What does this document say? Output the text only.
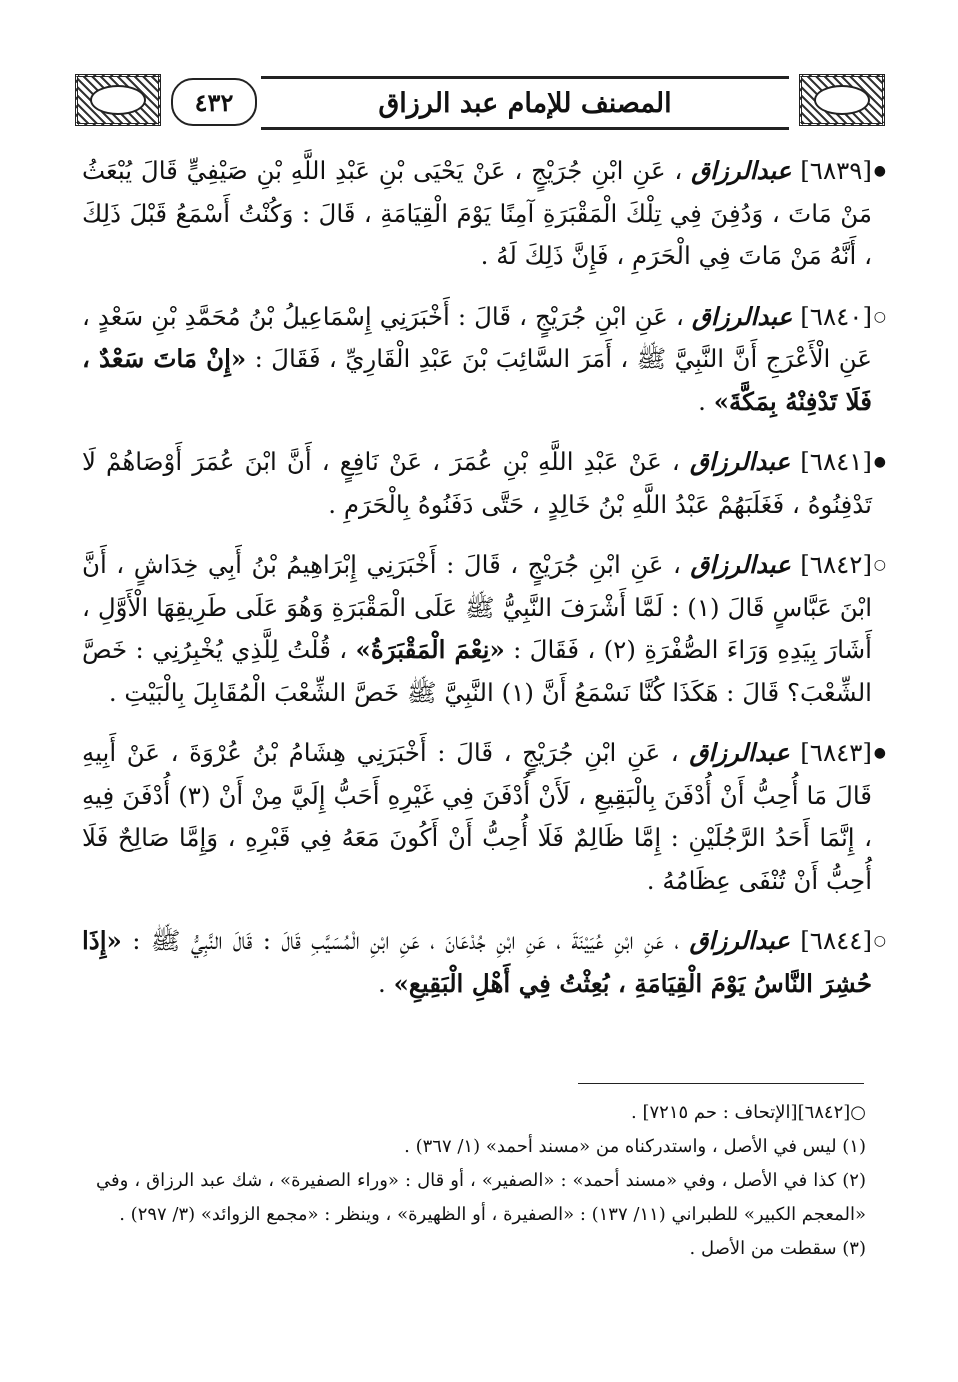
٤٣٢	المصنف للإمام عبد الرزاق

●
[٦٨٣٩] عبدالرزاق ، عَنِ ابْنِ جُرَيْجٍ ، عَنْ يَحْيَى بْنِ عَبْدِ اللَّهِ بْنِ صَيْفِيٍّ قَالَ يُبْعَثُ مَنْ مَاتَ ، وَدُفِنَ فِي تِلْكَ الْمَقْبَرَةِ آمِنًا يَوْمَ الْقِيَامَةِ ، قَالَ : وَكُنْتُ أَسْمَعُ قَبْلَ ذَلِكَ ، أَنَّهُ مَنْ مَاتَ فِي الْحَرَمِ ، فَإِنَّ ذَلِكَ لَهُ .

○
[٦٨٤٠] عبدالرزاق ، عَنِ ابْنِ جُرَيْجٍ ، قَالَ : أَخْبَرَنِي إِسْمَاعِيلُ بْنُ مُحَمَّدِ بْنِ سَعْدٍ ، عَنِ الْأَعْرَجِ أَنَّ النَّبِيَّ ﷺ ، أَمَرَ السَّائِبَ بْنَ عَبْدِ الْقَارِيِّ ، فَقَالَ : «إِنْ مَاتَ سَعْدٌ ، فَلَا تَدْفِنْهُ بِمَكَّةَ» .

●
[٦٨٤١] عبدالرزاق ، عَنْ عَبْدِ اللَّهِ بْنِ عُمَرَ ، عَنْ نَافِعٍ ، أَنَّ ابْنَ عُمَرَ أَوْصَاهُمْ لَا تَدْفِنُوهُ ، فَغَلَبَهُمْ عَبْدُ اللَّهِ بْنُ خَالِدٍ ، حَتَّى دَفَنُوهُ بِالْحَرَمِ .

○
[٦٨٤٢] عبدالرزاق ، عَنِ ابْنِ جُرَيْجٍ ، قَالَ : أَخْبَرَنِي إِبْرَاهِيمُ بْنُ أَبِي خِدَاشٍ ، أَنَّ ابْنَ عَبَّاسٍ قَالَ (١) : لَمَّا أَشْرَفَ النَّبِيُّ ﷺ عَلَى الْمَقْبَرَةِ وَهُوَ عَلَى طَرِيقِهَا الْأَوَّلِ ، أَشَارَ بِيَدِهِ وَرَاءَ الصُّفْرَةِ (٢) ، فَقَالَ : «نِعْمَ الْمَقْبَرَةُ» ، قُلْتُ لِلَّذِي يُخْبِرُنِي : خَصَّ الشِّعْبَ؟ قَالَ : هَكَذَا كُنَّا نَسْمَعُ أَنَّ (١) النَّبِيَّ ﷺ خَصَّ الشِّعْبَ الْمُقَابِلَ بِالْبَيْتِ .

●
[٦٨٤٣] عبدالرزاق ، عَنِ ابْنِ جُرَيْجٍ ، قَالَ : أَخْبَرَنِي هِشَامُ بْنُ عُرْوَةَ ، عَنْ أَبِيهِ قَالَ مَا أُحِبُّ أَنْ أُدْفَنَ بِالْبَقِيعِ ، لَأَنْ أُدْفَنَ فِي غَيْرِهِ أَحَبُّ إِلَيَّ مِنْ أَنْ (٣) أُدْفَنَ فِيهِ ، إِنَّمَا أَحَدُ الرَّجُلَيْنِ : إِمَّا ظَالِمٌ فَلَا أُحِبُّ أَنْ أَكُونَ مَعَهُ فِي قَبْرِهِ ، وَإِمَّا صَالِحٌ فَلَا أُحِبُّ أَنْ تُنْفَى عِظَامُهُ .

○
[٦٨٤٤] عبدالرزاق ، عَنِ ابْنِ عُيَيْنَةَ ، عَنِ ابْنِ جُدْعَانَ ، عَنِ ابْنِ الْمُسَيَّبِ قَالَ : قَالَ النَّبِيُّ ﷺ : «إِذَا حُشِرَ النَّاسُ يَوْمَ الْقِيَامَةِ ، بُعِثْتُ فِي أَهْلِ الْبَقِيعِ» .

○[٦٨٤٢][الإتحاف : حم ٧٢١٥] .

(١) ليس في الأصل ، واستدركناه من «مسند أحمد» (١/ ٣٦٧) .

(٢) كذا في الأصل ، وفي «مسند أحمد» : «الصفير» ، أو قال : «وراء الصفيرة» ، شك عبد الرزاق ، وفي «المعجم الكبير» للطبراني (١١/ ١٣٧) : «الصفيرة ، أو الظهيرة» ، وينظر : «مجمع الزوائد» (٣/ ٢٩٧) .

(٣) سقطت من الأصل .
